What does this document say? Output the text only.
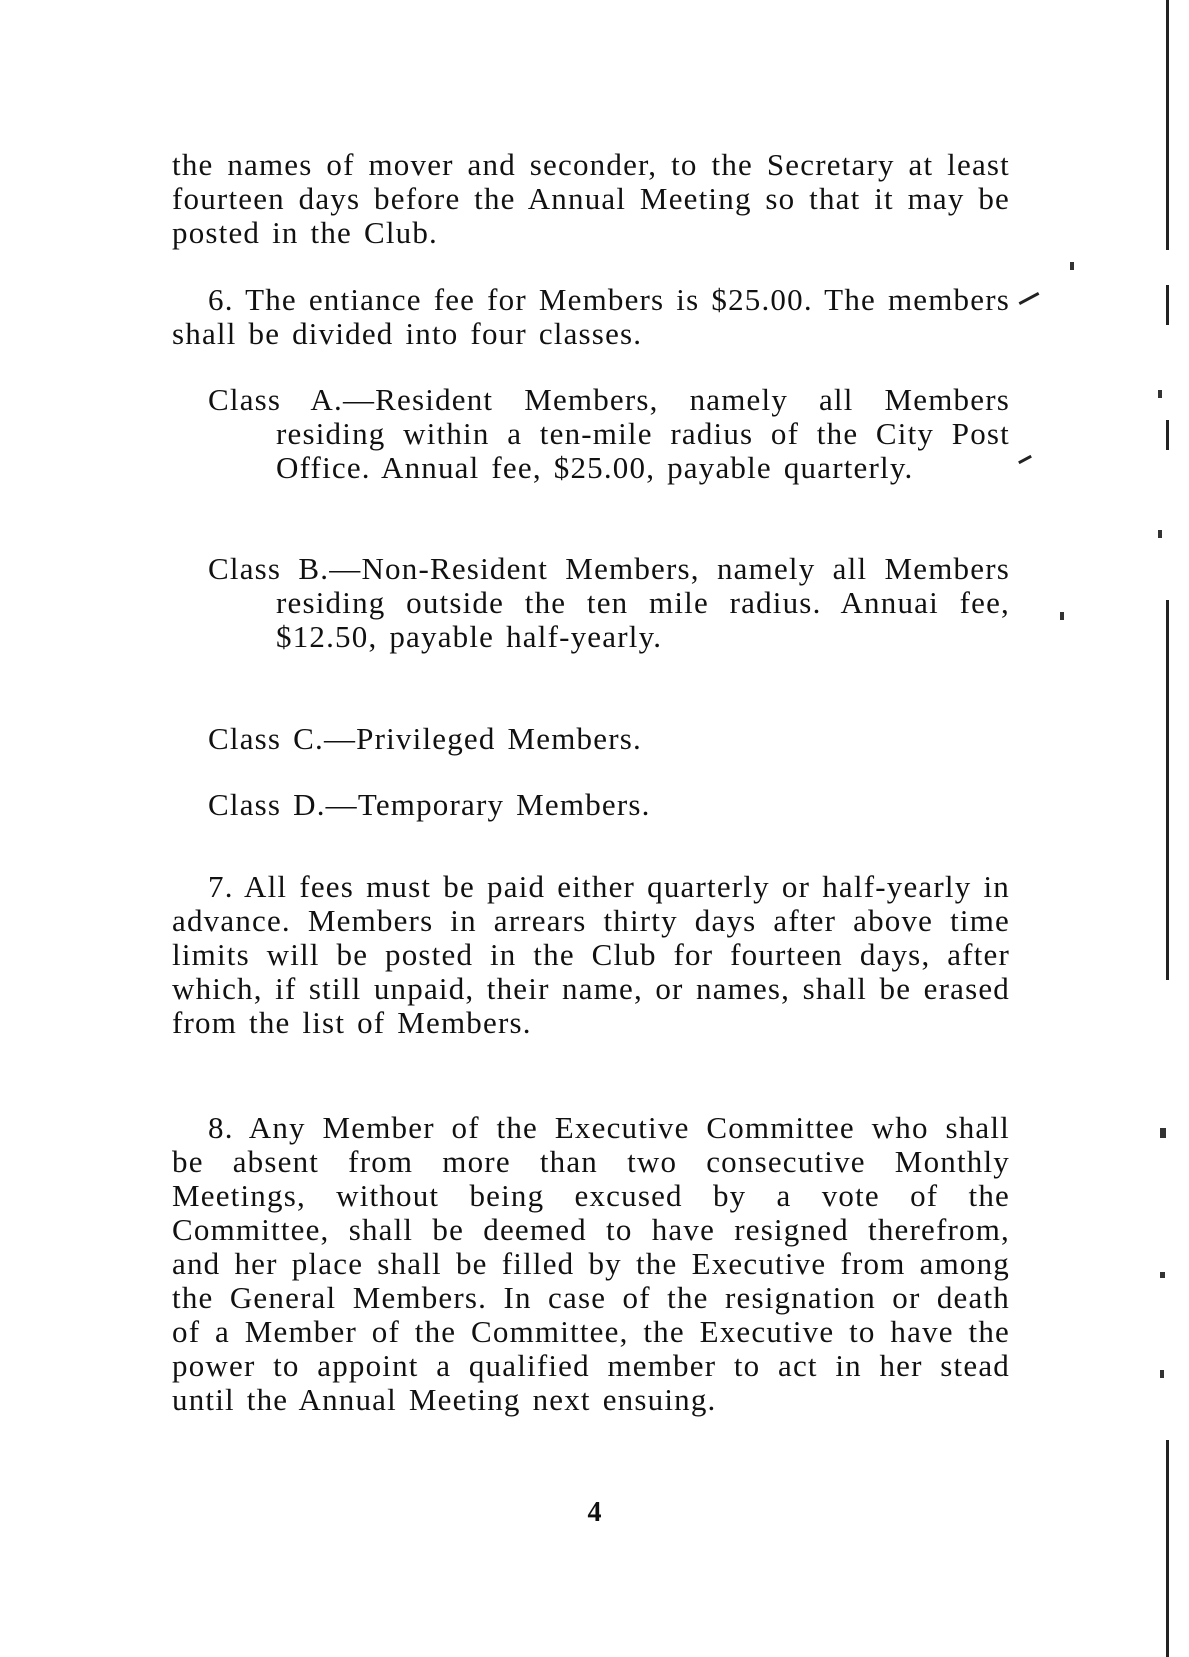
the names of mover and seconder, to the Secretary at least fourteen days before the Annual Meeting so that it may be posted in the Club.
6. The entiance fee for Members is $25.00. The members shall be divided into four classes.
Class A.—Resident Members, namely all Members residing within a ten-mile radius of the City Post Office. Annual fee, $25.00, payable quarterly.
Class B.—Non-Resident Members, namely all Members residing outside the ten mile radius. Annuai fee, $12.50, payable half-yearly.
Class C.—Privileged Members.
Class D.—Temporary Members.
7. All fees must be paid either quarterly or half-yearly in advance. Members in arrears thirty days after above time limits will be posted in the Club for fourteen days, after which, if still unpaid, their name, or names, shall be erased from the list of Members.
8. Any Member of the Executive Committee who shall be absent from more than two consecutive Monthly Meetings, without being excused by a vote of the Committee, shall be deemed to have resigned therefrom, and her place shall be filled by the Executive from among the General Members. In case of the resignation or death of a Member of the Committee, the Executive to have the power to appoint a qualified member to act in her stead until the Annual Meeting next ensuing.
4
